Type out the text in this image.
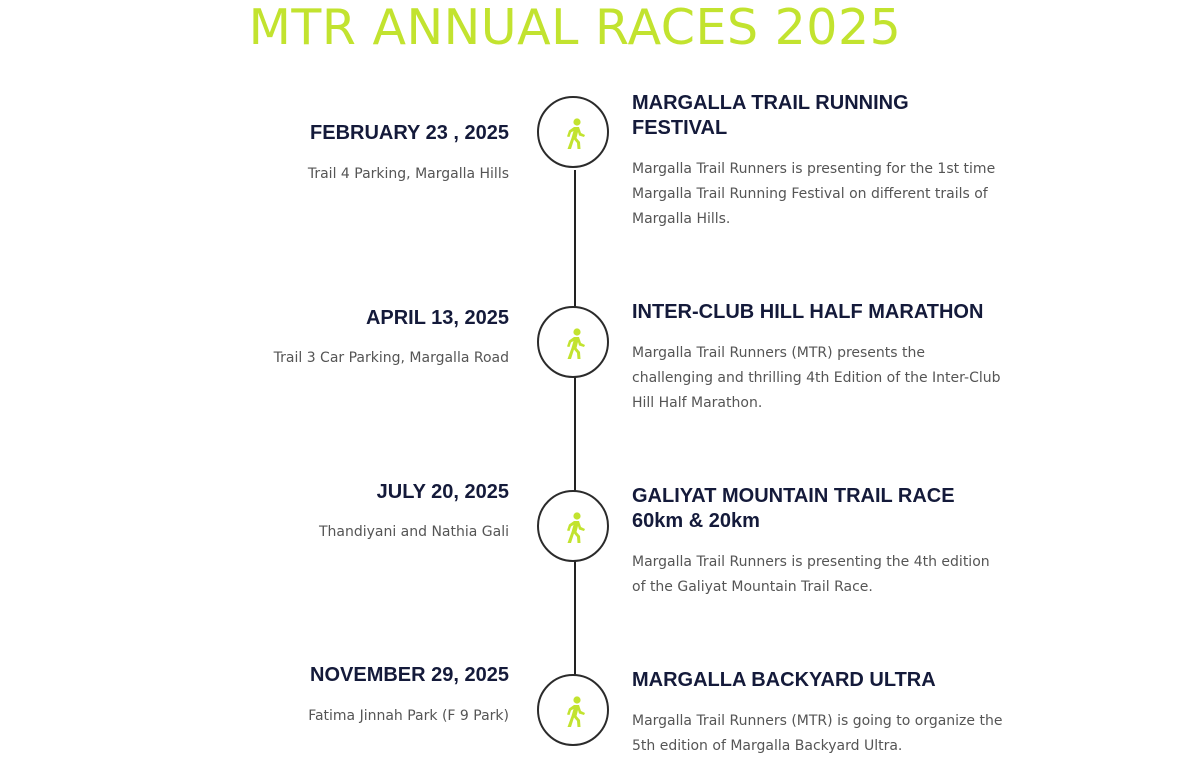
MTR ANNUAL RACES 2025
FEBRUARY 23 , 2025

Trail 4 Parking, Margalla Hills

MARGALLA TRAIL RUNNING FESTIVAL

Margalla Trail Runners is presenting for the 1st time Margalla Trail Running Festival on different trails of Margalla Hills.

APRIL 13, 2025

Trail 3 Car Parking, Margalla Road

INTER-CLUB HILL HALF MARATHON

Margalla Trail Runners (MTR) presents the challenging and thrilling 4th Edition of the Inter-Club Hill Half Marathon.

JULY 20, 2025

Thandiyani and Nathia Gali

GALIYAT MOUNTAIN TRAIL RACE 60km & 20km

Margalla Trail Runners is presenting the 4th edition of the Galiyat Mountain Trail Race.

NOVEMBER 29, 2025

Fatima Jinnah Park (F 9 Park)

MARGALLA BACKYARD ULTRA

Margalla Trail Runners (MTR) is going to organize the 5th edition of Margalla Backyard Ultra.
